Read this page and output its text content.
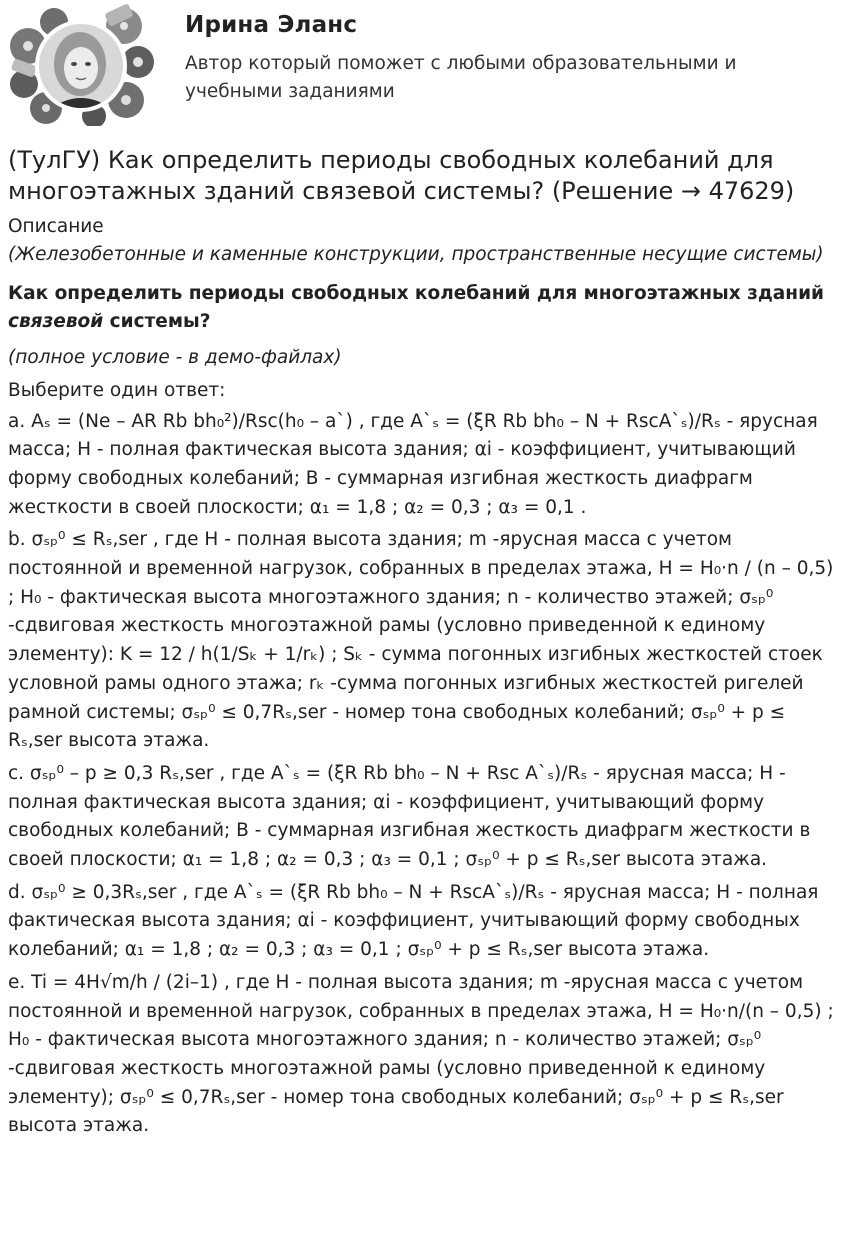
Ирина Эланс
Автор который поможет с любыми образовательными и учебными заданиями
(ТулГУ) Как определить периоды свободных колебаний для многоэтажных зданий связевой системы? (Решение → 47629)
Описание
(Железобетонные и каменные конструкции, пространственные несущие системы)
Как определить периоды свободных колебаний для многоэтажных зданий связевой системы?
(полное условие - в демо-файлах)
Выберите один ответ:
a. Aₛ = (Ne – AR Rb bh₀²)/Rsc(h₀ – a`) , где A`ₛ = (ξR Rb bh₀ – N + RscA`ₛ)/Rₛ - ярусная масса; H - полная фактическая высота здания; αi - коэффициент, учитывающий форму свободных колебаний; B - суммарная изгибная жесткость диафрагм жесткости в своей плоскости; α₁ = 1,8 ; α₂ = 0,3 ; α₃ = 0,1 .
b. σₛₚ⁰ ≤ Rₛ,ser , где H - полная высота здания; m -ярусная масса с учетом постоянной и временной нагрузок, собранных в пределах этажа, H = H₀·n / (n – 0,5) ; H₀ - фактическая высота многоэтажного здания; n - количество этажей; σₛₚ⁰ -сдвиговая жесткость многоэтажной рамы (условно приведенной к единому элементу): K = 12 / h(1/Sₖ + 1/rₖ) ; Sₖ - сумма погонных изгибных жесткостей стоек условной рамы одного этажа; rₖ -сумма погонных изгибных жесткостей ригелей рамной системы; σₛₚ⁰ ≤ 0,7Rₛ,ser - номер тона свободных колебаний; σₛₚ⁰ + p ≤ Rₛ,ser высота этажа.
c. σₛₚ⁰ – p ≥ 0,3 Rₛ,ser , где A`ₛ = (ξR Rb bh₀ – N + Rsc A`ₛ)/Rₛ - ярусная масса; H - полная фактическая высота здания; αi - коэффициент, учитывающий форму свободных колебаний; B - суммарная изгибная жесткость диафрагм жесткости в своей плоскости; α₁ = 1,8 ; α₂ = 0,3 ; α₃ = 0,1 ; σₛₚ⁰ + p ≤ Rₛ,ser высота этажа.
d. σₛₚ⁰ ≥ 0,3Rₛ,ser , где A`ₛ = (ξR Rb bh₀ – N + RscA`ₛ)/Rₛ - ярусная масса; H - полная фактическая высота здания; αi - коэффициент, учитывающий форму свободных колебаний; α₁ = 1,8 ; α₂ = 0,3 ; α₃ = 0,1 ; σₛₚ⁰ + p ≤ Rₛ,ser высота этажа.
e. Ti = 4H√m/h / (2i–1) , где H - полная высота здания; m -ярусная масса с учетом постоянной и временной нагрузок, собранных в пределах этажа, H = H₀·n/(n – 0,5) ; H₀ - фактическая высота многоэтажного здания; n - количество этажей; σₛₚ⁰ -сдвиговая жесткость многоэтажной рамы (условно приведенной к единому элементу); σₛₚ⁰ ≤ 0,7Rₛ,ser - номер тона свободных колебаний; σₛₚ⁰ + p ≤ Rₛ,ser высота этажа.
